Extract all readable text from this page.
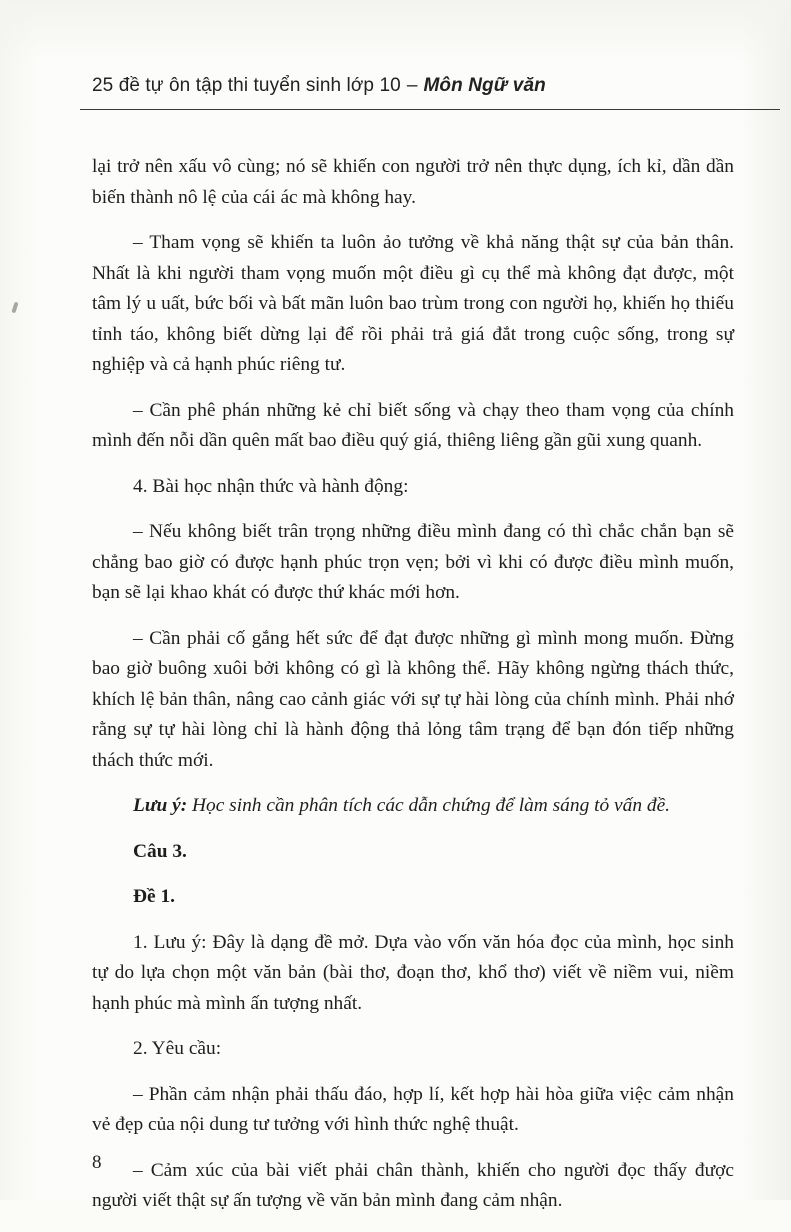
25 đề tự ôn tập thi tuyển sinh lớp 10 – Môn Ngữ văn

lại trở nên xấu vô cùng; nó sẽ khiến con người trở nên thực dụng, ích kỉ, dần dần biến thành nô lệ của cái ác mà không hay.

– Tham vọng sẽ khiến ta luôn ảo tưởng về khả năng thật sự của bản thân. Nhất là khi người tham vọng muốn một điều gì cụ thể mà không đạt được, một tâm lý u uất, bức bối và bất mãn luôn bao trùm trong con người họ, khiến họ thiếu tỉnh táo, không biết dừng lại để rồi phải trả giá đắt trong cuộc sống, trong sự nghiệp và cả hạnh phúc riêng tư.

– Cần phê phán những kẻ chỉ biết sống và chạy theo tham vọng của chính mình đến nỗi dần quên mất bao điều quý giá, thiêng liêng gần gũi xung quanh.

4. Bài học nhận thức và hành động:

– Nếu không biết trân trọng những điều mình đang có thì chắc chắn bạn sẽ chẳng bao giờ có được hạnh phúc trọn vẹn; bởi vì khi có được điều mình muốn, bạn sẽ lại khao khát có được thứ khác mới hơn.

– Cần phải cố gắng hết sức để đạt được những gì mình mong muốn. Đừng bao giờ buông xuôi bởi không có gì là không thể. Hãy không ngừng thách thức, khích lệ bản thân, nâng cao cảnh giác với sự tự hài lòng của chính mình. Phải nhớ rằng sự tự hài lòng chỉ là hành động thả lỏng tâm trạng để bạn đón tiếp những thách thức mới.

Lưu ý: Học sinh cần phân tích các dẫn chứng để làm sáng tỏ vấn đề.

Câu 3.

Đề 1.

1. Lưu ý: Đây là dạng đề mở. Dựa vào vốn văn hóa đọc của mình, học sinh tự do lựa chọn một văn bản (bài thơ, đoạn thơ, khổ thơ) viết về niềm vui, niềm hạnh phúc mà mình ấn tượng nhất.

2. Yêu cầu:

– Phần cảm nhận phải thấu đáo, hợp lí, kết hợp hài hòa giữa việc cảm nhận vẻ đẹp của nội dung tư tưởng với hình thức nghệ thuật.

– Cảm xúc của bài viết phải chân thành, khiến cho người đọc thấy được người viết thật sự ấn tượng về văn bản mình đang cảm nhận.

8
